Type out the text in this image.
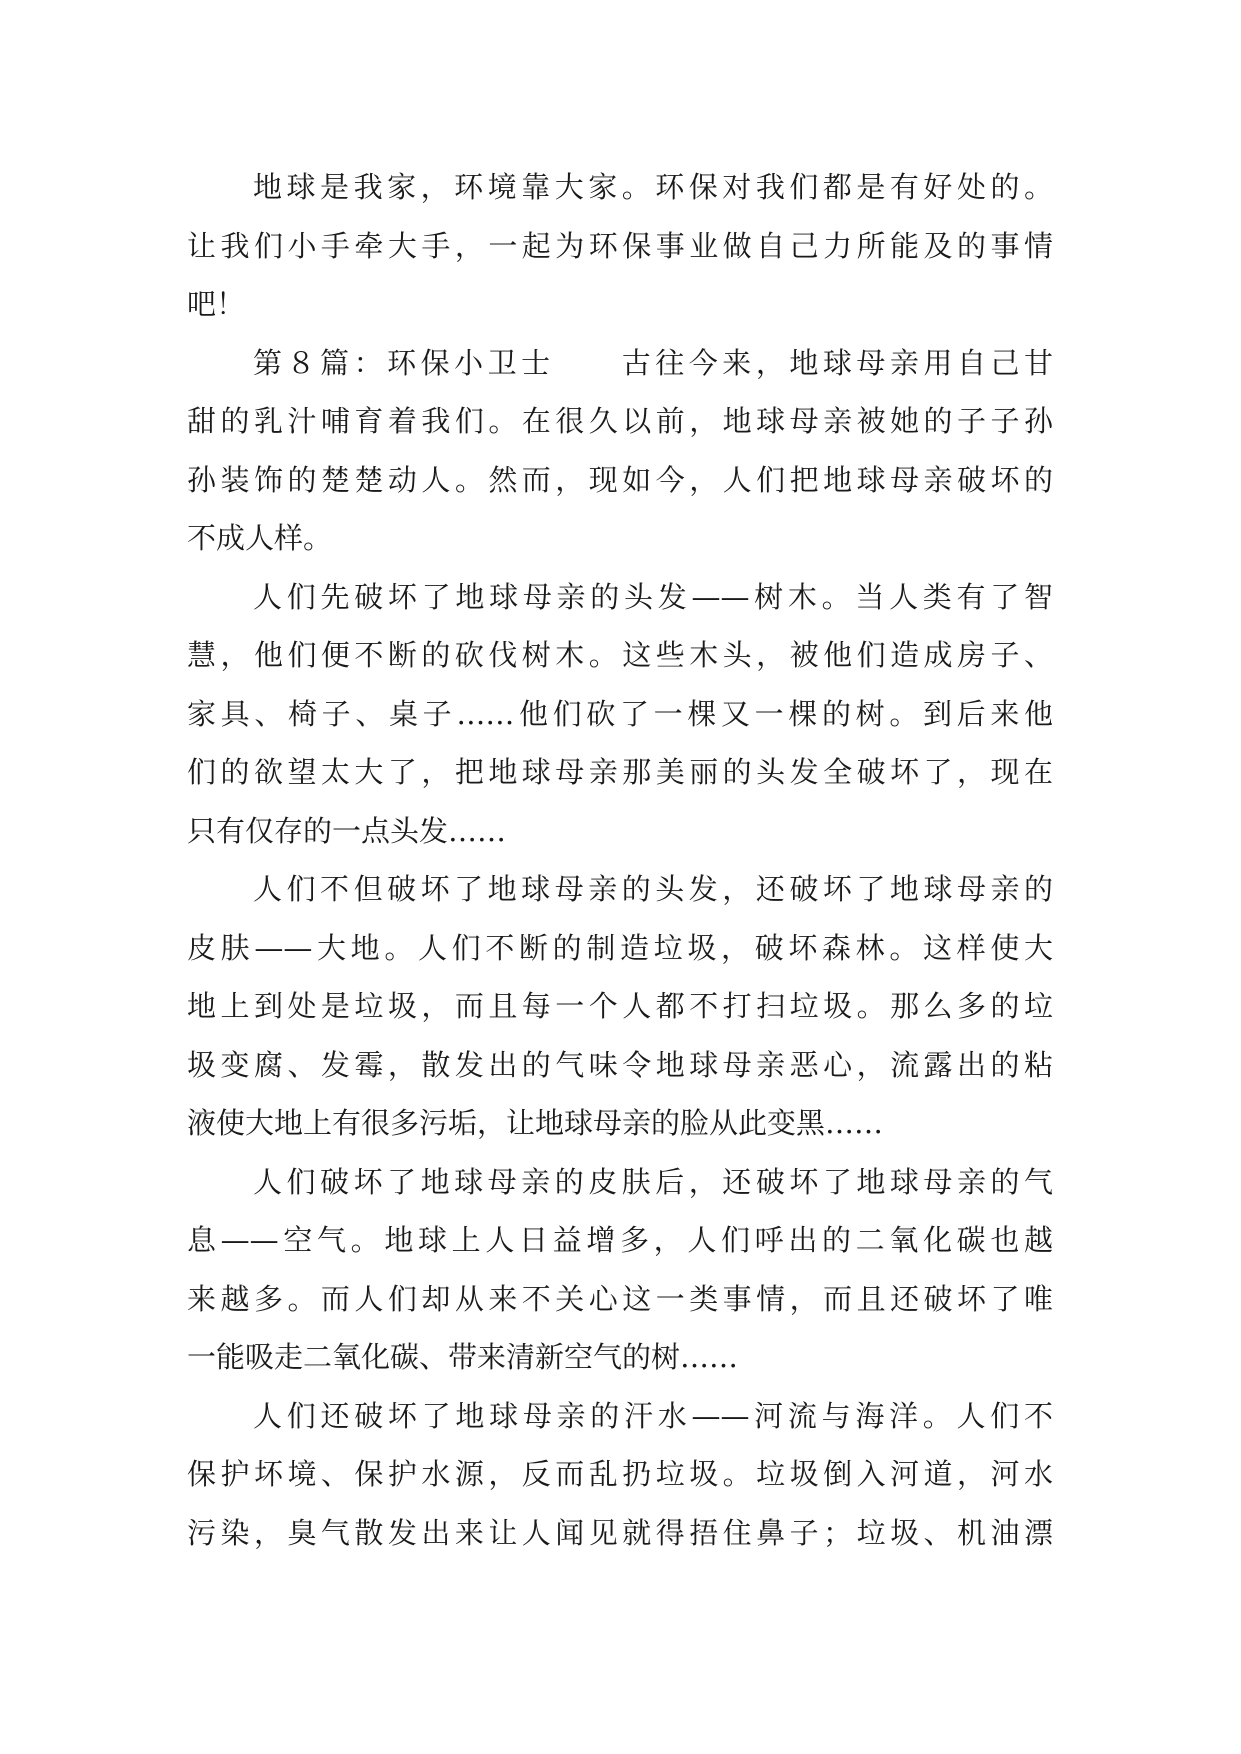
地球是我家，环境靠大家。环保对我们都是有好处的。
让我们小手牵大手，一起为环保事业做自己力所能及的事情
吧！
第８篇：环保小卫士　　古往今来，地球母亲用自己甘
甜的乳汁哺育着我们。在很久以前，地球母亲被她的子子孙
孙装饰的楚楚动人。然而，现如今，人们把地球母亲破坏的
不成人样。
人们先破坏了地球母亲的头发——树木。当人类有了智
慧，他们便不断的砍伐树木。这些木头，被他们造成房子、
家具、椅子、桌子……他们砍了一棵又一棵的树。到后来他
们的欲望太大了，把地球母亲那美丽的头发全破坏了，现在
只有仅存的一点头发……
人们不但破坏了地球母亲的头发，还破坏了地球母亲的
皮肤——大地。人们不断的制造垃圾，破坏森林。这样使大
地上到处是垃圾，而且每一个人都不打扫垃圾。那么多的垃
圾变腐、发霉，散发出的气味令地球母亲恶心，流露出的粘
液使大地上有很多污垢，让地球母亲的脸从此变黑……
人们破坏了地球母亲的皮肤后，还破坏了地球母亲的气
息——空气。地球上人日益增多，人们呼出的二氧化碳也越
来越多。而人们却从来不关心这一类事情，而且还破坏了唯
一能吸走二氧化碳、带来清新空气的树……
人们还破坏了地球母亲的汗水——河流与海洋。人们不
保护坏境、保护水源，反而乱扔垃圾。垃圾倒入河道，河水
污染，臭气散发出来让人闻见就得捂住鼻子；垃圾、机油漂
